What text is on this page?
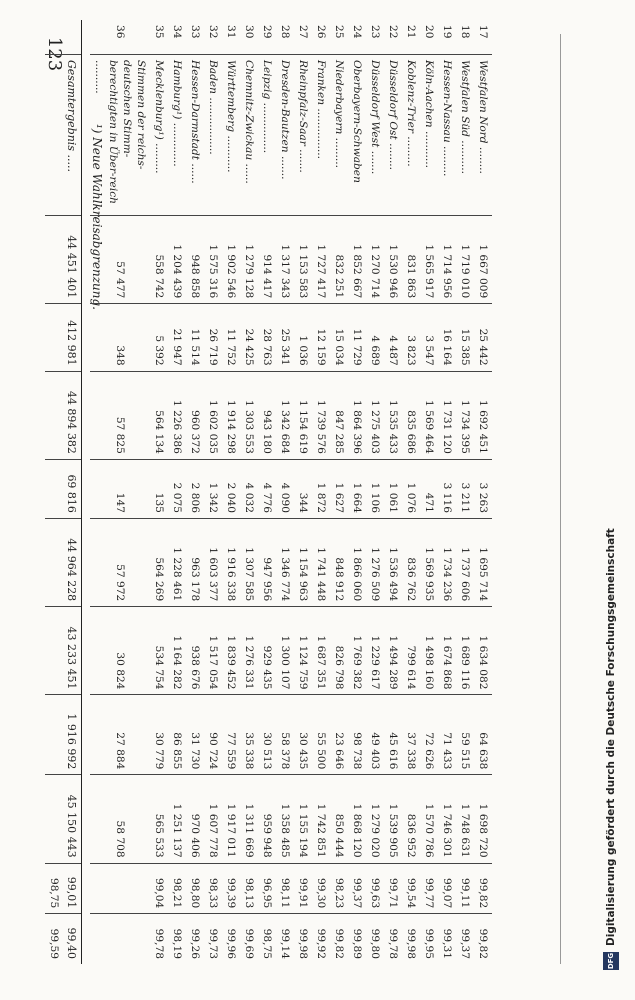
123
¹) Neue Wahlkreisabgrenzung.
17	Westfalen Nord ........	1 667 009	25 442	1 692 451	3 263	1 695 714	1 634 082	64 638	1 698 720	99,82	99,82
18	Westfalen Süd ..........	1 719 010	15 385	1 734 395	3 211	1 737 606	1 689 116	59 515	1 748 631	99,11	99,37
19	Hessen-Nassau .........	1 714 956	16 164	1 731 120	3 116	1 734 236	1 674 868	71 433	1 746 301	99,07	99,31
20	Köln-Aachen ...........	1 565 917	3 547	1 569 464	471	1 569 935	1 498 160	72 626	1 570 786	99,77	99,95
21	Koblenz-Trier .........	831 863	3 823	835 686	1 076	836 762	799 614	37 338	836 952	99,54	99,98
22	Düsseldorf Ost ........	1 530 946	4 487	1 535 433	1 061	1 536 494	1 494 289	45 616	1 539 905	99,71	99,78
23	Düsseldorf West .......	1 270 714	4 689	1 275 403	1 106	1 276 509	1 229 617	49 403	1 279 020	99,63	99,80
24	Oberbayern-Schwaben	1 852 667	11 729	1 864 396	1 664	1 866 060	1 769 382	98 738	1 868 120	99,37	99,89
25	Niederbayern .........	832 251	15 034	847 285	1 627	848 912	826 798	23 646	850 444	98,23	99,82
26	Franken ...............	1 727 417	12 159	1 739 576	1 872	1 741 448	1 687 351	55 500	1 742 851	99,30	99,92
27	Rheinpfalz-Saar .......	1 153 583	1 036	1 154 619	344	1 154 963	1 124 759	30 435	1 155 194	99,91	99,98
28	Dresden-Bautzen .......	1 317 343	25 341	1 342 684	4 090	1 346 774	1 300 107	58 378	1 358 485	98,11	99,14
29	Leipzig ...............	914 417	28 763	943 180	4 776	947 956	929 435	30 513	959 948	96,95	98,75
30	Chemnitz-Zwickau ......	1 279 128	24 425	1 303 553	4 032	1 307 585	1 276 331	35 338	1 311 669	98,13	99,69
31	Württemberg ...........	1 902 546	11 752	1 914 298	2 040	1 916 338	1 839 452	77 559	1 917 011	99,39	99,96
32	Baden .................	1 575 316	26 719	1 602 035	1 342	1 603 377	1 517 054	90 724	1 607 778	98,33	99,73
33	Hessen-Darmstadt ......	948 858	11 514	960 372	2 806	963 178	938 676	31 730	970 406	98,80	99,26
34	Hamburg¹) .............	1 204 439	21 947	1 226 386	2 075	1 228 461	1 164 282	86 855	1 251 137	98,21	98,19
35	Mecklenburg¹) .........	558 742	5 392	564 134	135	564 269	534 754	30 779	565 533	99,04	99,78
36	Stimmen der reichs-deutschen Stimm-berechtigten in Über-reich ..........	57 477	348	57 825	147	57 972	30 824	27 884	58 708		

	Gesamtergebnis .....	44 451 401	412 981	44 894 382	69 816	44 964 228	43 233 451	1 916 992	45 150 443	99,01	99,40
										98,75	99,59
DFG
Digitalisierung gefördert durch die Deutsche Forschungsgemeinschaft
